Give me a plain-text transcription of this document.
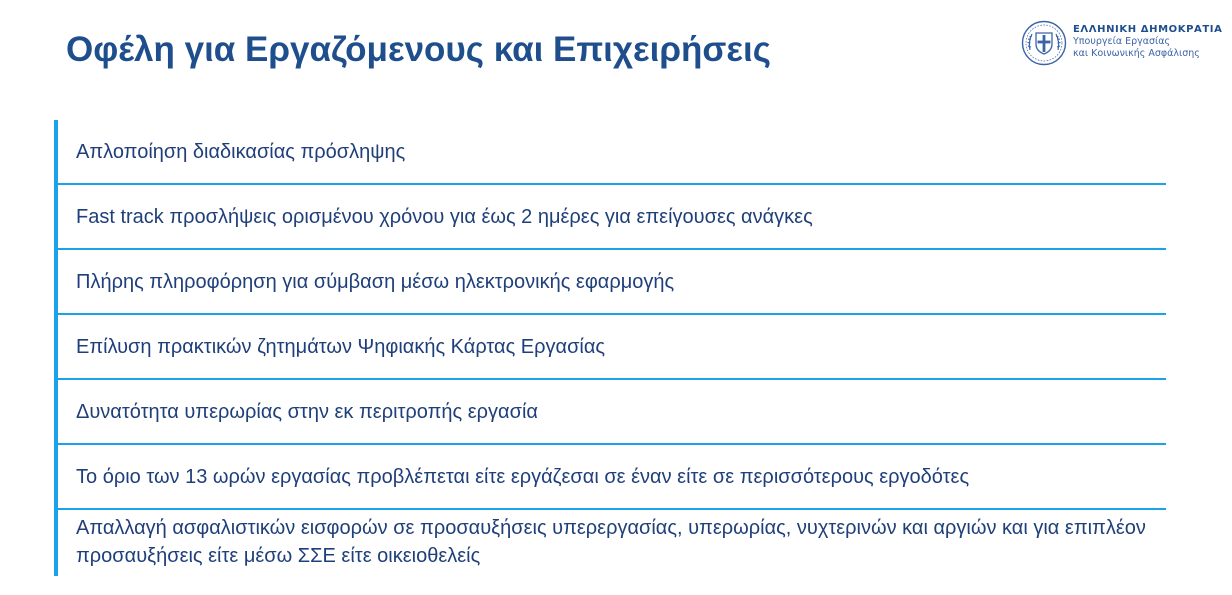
Οφέλη για Εργαζόμενους και Επιχειρήσεις
ΕΛΛΗΝΙΚΗ ΔΗΜΟΚΡΑΤΙΑ
Υπουργεία Εργασίας
και Κοινωνικής Ασφάλισης
Απλοποίηση διαδικασίας πρόσληψης
Fast track προσλήψεις ορισμένου χρόνου για έως 2 ημέρες για επείγουσες ανάγκες
Πλήρης πληροφόρηση για σύμβαση μέσω ηλεκτρονικής εφαρμογής
Επίλυση πρακτικών ζητημάτων Ψηφιακής Κάρτας Εργασίας
Δυνατότητα υπερωρίας στην εκ περιτροπής εργασία
Το όριο των 13 ωρών εργασίας προβλέπεται είτε εργάζεσαι σε έναν είτε σε περισσότερους εργοδότες
Απαλλαγή ασφαλιστικών εισφορών σε προσαυξήσεις υπερεργασίας, υπερωρίας, νυχτερινών και αργιών και για επιπλέον προσαυξήσεις είτε μέσω ΣΣΕ είτε οικειοθελείς
